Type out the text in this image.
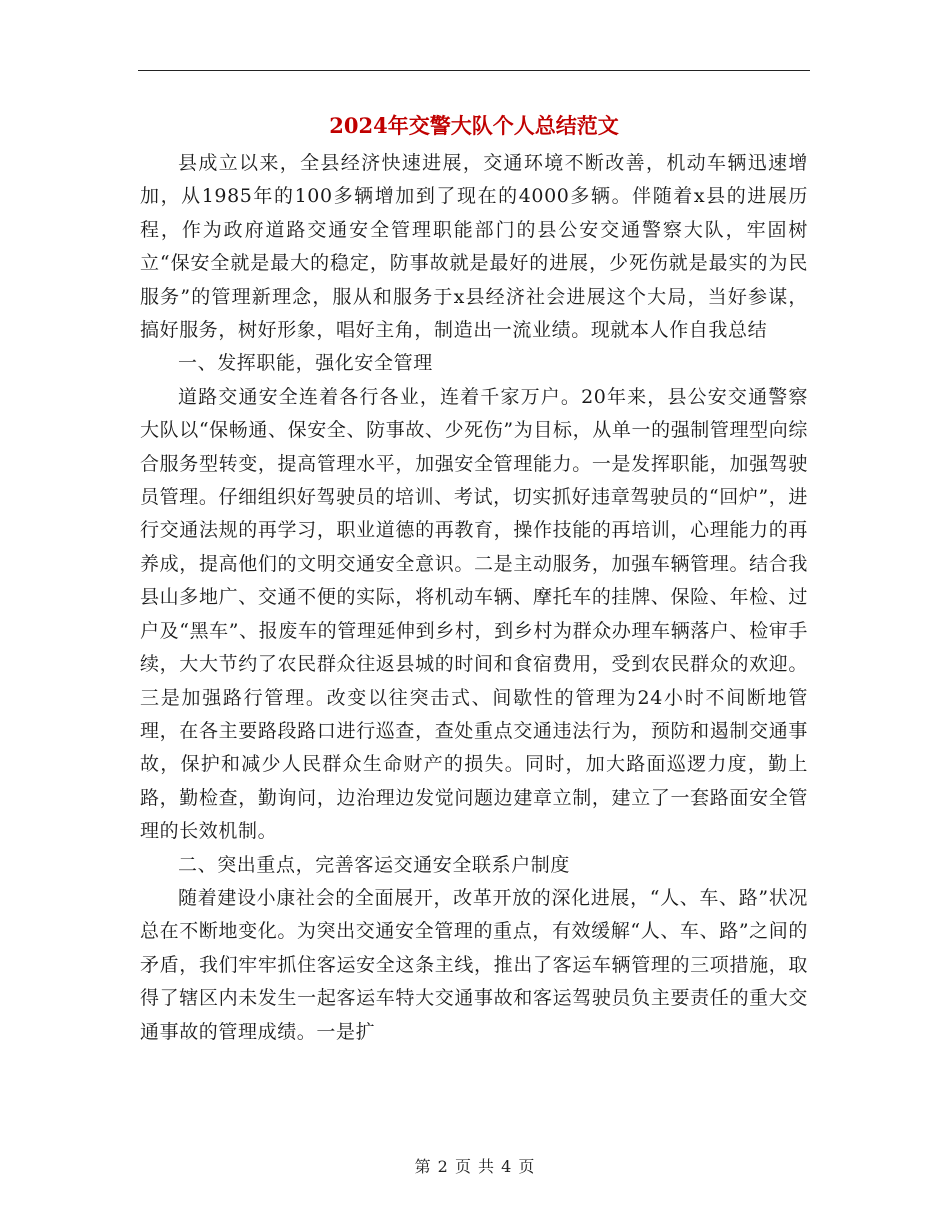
2024年交警大队个人总结范文

县成立以来，全县经济快速进展，交通环境不断改善，机动车辆迅速增加，从1985年的100多辆增加到了现在的4000多辆。伴随着x县的进展历程，作为政府道路交通安全管理职能部门的县公安交通警察大队，牢固树立“保安全就是最大的稳定，防事故就是最好的进展，少死伤就是最实的为民服务”的管理新理念，服从和服务于x县经济社会进展这个大局，当好参谋，搞好服务，树好形象，唱好主角，制造出一流业绩。现就本人作自我总结

一、发挥职能，强化安全管理

道路交通安全连着各行各业，连着千家万户。20年来，县公安交通警察大队以“保畅通、保安全、防事故、少死伤”为目标，从单一的强制管理型向综合服务型转变，提高管理水平，加强安全管理能力。一是发挥职能，加强驾驶员管理。仔细组织好驾驶员的培训、考试，切实抓好违章驾驶员的“回炉”，进行交通法规的再学习，职业道德的再教育，操作技能的再培训，心理能力的再养成，提高他们的文明交通安全意识。二是主动服务，加强车辆管理。结合我县山多地广、交通不便的实际，将机动车辆、摩托车的挂牌、保险、年检、过户及“黑车”、报废车的管理延伸到乡村，到乡村为群众办理车辆落户、检审手续，大大节约了农民群众往返县城的时间和食宿费用，受到农民群众的欢迎。三是加强路行管理。改变以往突击式、间歇性的管理为24小时不间断地管理，在各主要路段路口进行巡查，查处重点交通违法行为，预防和遏制交通事故，保护和减少人民群众生命财产的损失。同时，加大路面巡逻力度，勤上路，勤检查，勤询问，边治理边发觉问题边建章立制，建立了一套路面安全管理的长效机制。

二、突出重点，完善客运交通安全联系户制度

随着建设小康社会的全面展开，改革开放的深化进展，“人、车、路”状况总在不断地变化。为突出交通安全管理的重点，有效缓解“人、车、路”之间的矛盾，我们牢牢抓住客运安全这条主线，推出了客运车辆管理的三项措施，取得了辖区内未发生一起客运车特大交通事故和客运驾驶员负主要责任的重大交通事故的管理成绩。一是扩

第 2 页 共 4 页
